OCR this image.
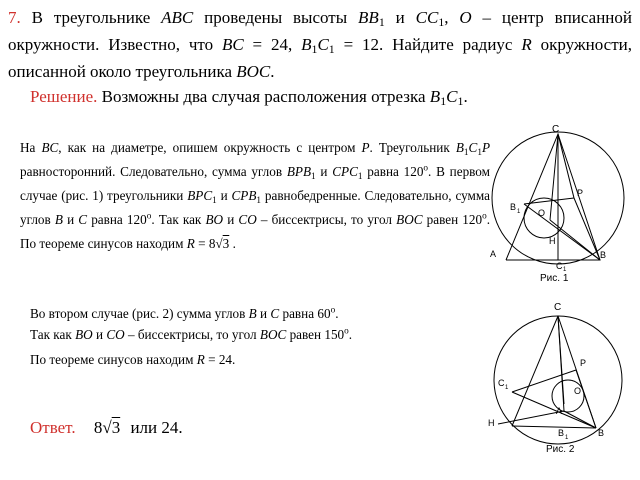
7. В треугольнике ABC проведены высоты $BB_1$ и $CC_1$, O – центр вписанной окружности. Известно, что BC = 24, $B_1C_1 = 12$. Найдите радиус R окружности, описанной около треугольника BOC.
Решение. Возможны два случая расположения отрезка $B_1C_1$.
На BC, как на диаметре, опишем окружность с центром P. Треугольник $B_1C_1P$ равносторонний. Следовательно, сумма углов $BPB_1$ и $CPC_1$ равна $120^о$. В первом случае (рис. 1) треугольники $BPC_1$ и $CPB_1$ равнобедренные. Следовательно, сумма углов B и C равна $120^о$. Так как BO и CO – биссектрисы, то угол BOC равен $120^о$. По теореме синусов находим R = 8√3 .
Во втором случае (рис. 2) сумма углов B и C равна $60^о$.
Так как BO и CO – биссектрисы, то угол BOC равен $150^о$.
По теореме синусов находим R = 24.
Ответ. 8√3 или 24.
C
P
B 1 O
H
A	B
C 1
Рис. 1
C
P
C 1	O
A
H
B 1	B
Рис. 2
